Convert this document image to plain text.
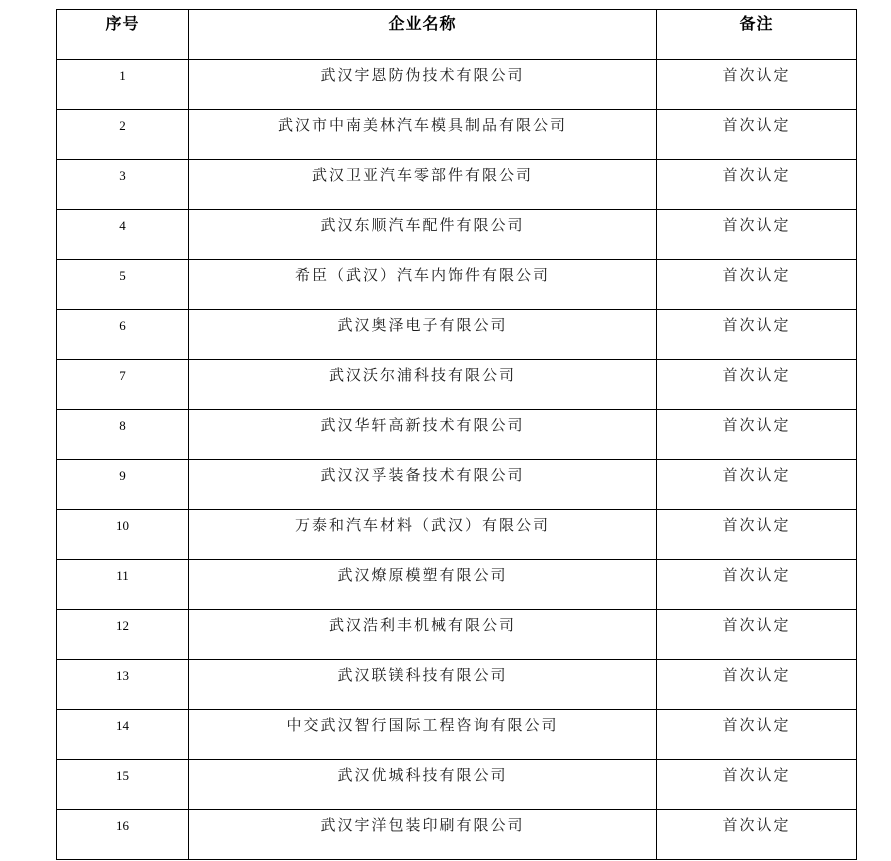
序号	企业名称	备注
1	武汉宇恩防伪技术有限公司	首次认定
2	武汉市中南美林汽车模具制品有限公司	首次认定
3	武汉卫亚汽车零部件有限公司	首次认定
4	武汉东顺汽车配件有限公司	首次认定
5	希臣（武汉）汽车内饰件有限公司	首次认定
6	武汉奥泽电子有限公司	首次认定
7	武汉沃尔浦科技有限公司	首次认定
8	武汉华轩高新技术有限公司	首次认定
9	武汉汉孚装备技术有限公司	首次认定
10	万泰和汽车材料（武汉）有限公司	首次认定
11	武汉燎原模塑有限公司	首次认定
12	武汉浩利丰机械有限公司	首次认定
13	武汉联镁科技有限公司	首次认定
14	中交武汉智行国际工程咨询有限公司	首次认定
15	武汉优城科技有限公司	首次认定
16	武汉宇洋包装印刷有限公司	首次认定
